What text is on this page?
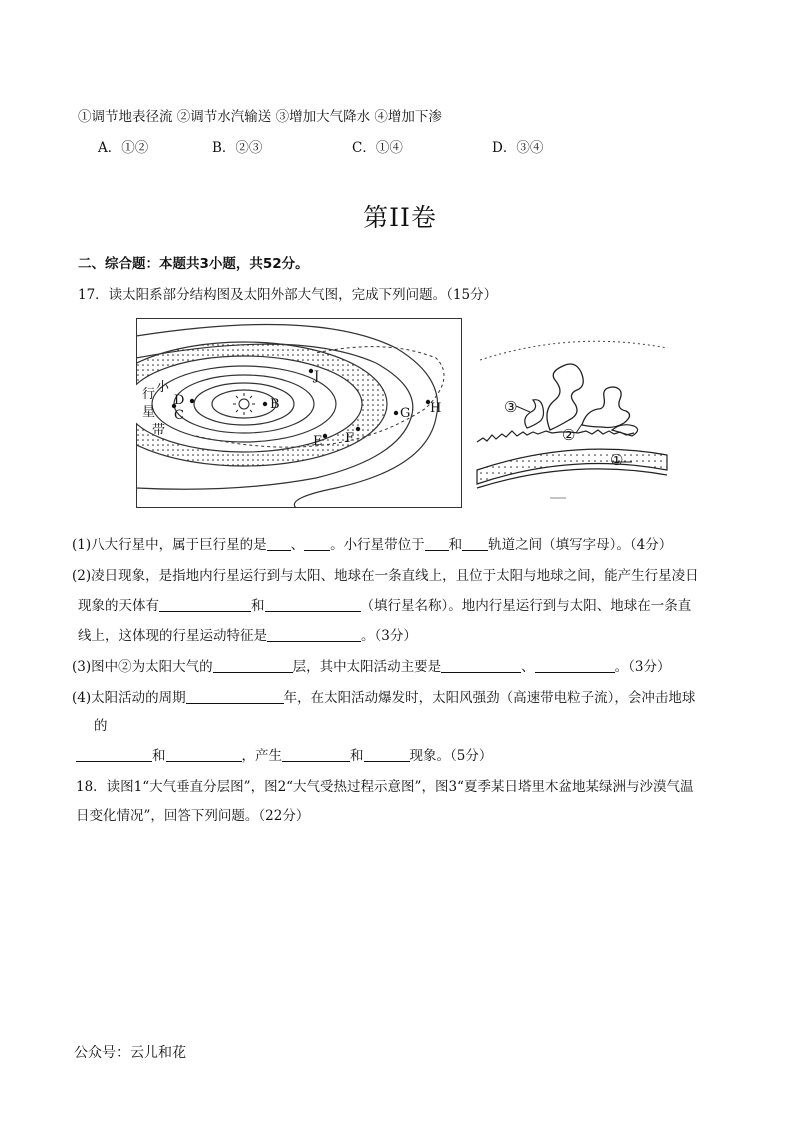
①调节地表径流 ②调节水汽输送 ③增加大气降水 ④增加下渗
A．①②	B．②③	C．①④	D．③④
第II卷
二、综合题：本题共3小题，共52分。
17．读太阳系部分结构图及太阳外部大气图，完成下列问题。（15分）
B
D
C
J
E F
G H
小
行
星
带
③
②
①
(1)八大行星中，属于巨行星的是 、 。小行星带位于 和 轨道之间（填写字母）。（4分）
(2)凌日现象，是指地内行星运行到与太阳、地球在一条直线上，且位于太阳与地球之间，能产生行星凌日
现象的天体有	和	（填行星名称）。地内行星运行到与太阳、地球在一条直
线上，这体现的行星运动特征是	。（3分）
(3)图中②为太阳大气的	层，其中太阳活动主要是	、	。（3分）
(4)太阳活动的周期	年，在太阳活动爆发时，太阳风强劲（高速带电粒子流），会冲击地球
的
和	，产生	和	现象。（5分）
18．读图1“大气垂直分层图”，图2“大气受热过程示意图”，图3“夏季某日塔里木盆地某绿洲与沙漠气温
日变化情况”，回答下列问题。（22分）
公众号：云儿和花
